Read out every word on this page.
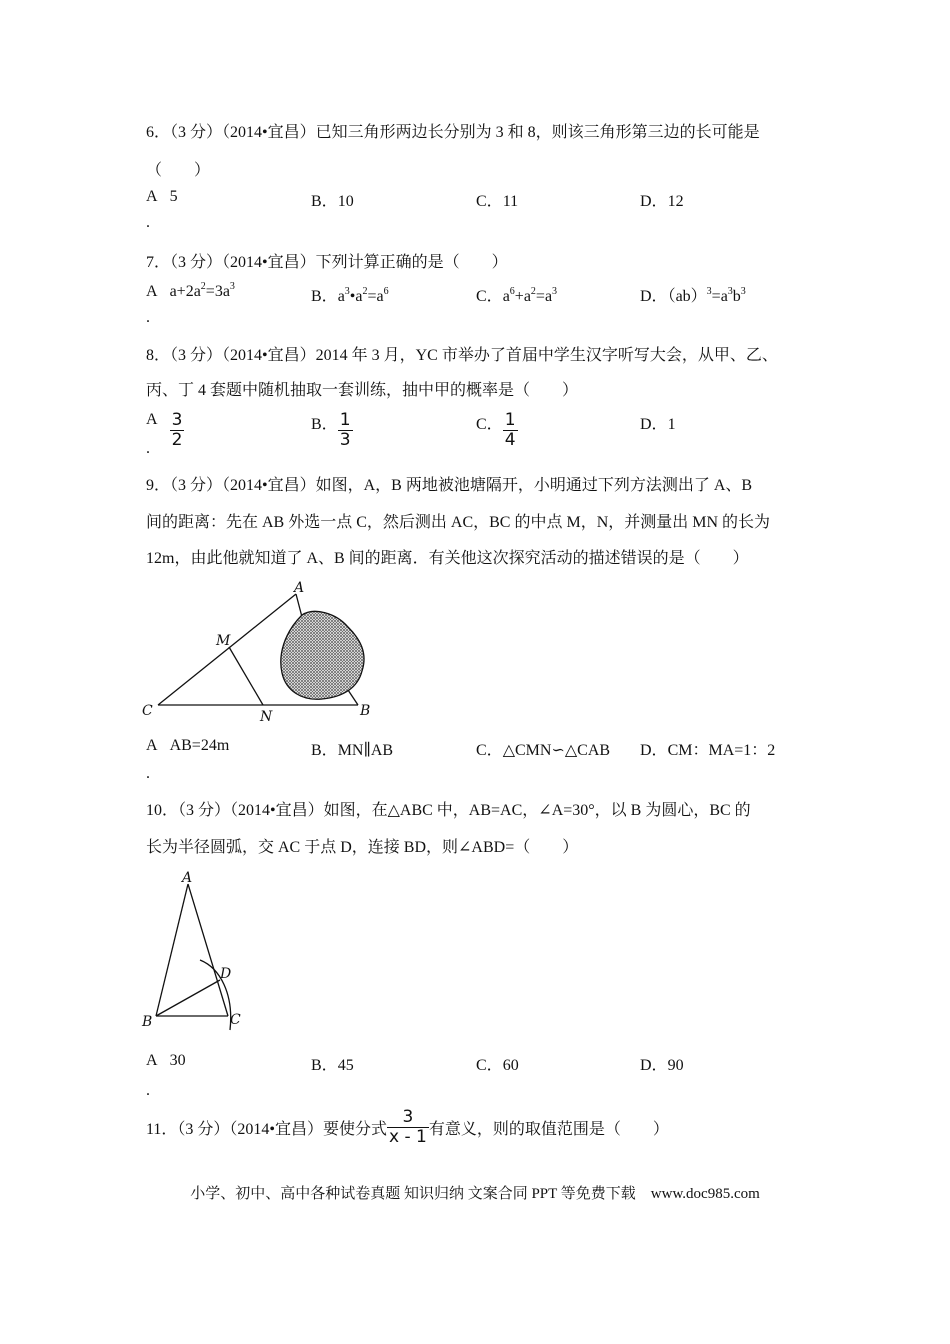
6．（3 分）（2014•宜昌）已知三角形两边长分别为 3 和 8，则该三角形第三边的长可能是
（　　）
A 5	B．10	C．11	D．12
.
7．（3 分）（2014•宜昌）下列计算正确的是（　　）
A $a+2a^2=3a^3$
B．$a^3•a^2=a^6$	C．$a^6+a^2=a^3$	D．$(ab)^3=a^3b^3$
.
8．（3 分）（2014•宜昌）2014 年 3 月，YC 市举办了首届中学生汉字听写大会，从甲、乙、
丙、丁 4 套题中随机抽取一套训练，抽中甲的概率是（　　）
A $\frac{3}{2}$	B． $\frac{1}{3}$	C． $\frac{1}{4}$	D．1
.
9．（3 分）（2014•宜昌）如图，A，B 两地被池塘隔开，小明通过下列方法测出了 A、B
间的距离：先在 AB 外选一点 C，然后测出 AC，BC 的中点 M，N，并测量出 MN 的长为
12m，由此他就知道了 A、B 间的距离．有关他这次探究活动的描述错误的是（　　）
A
M
C	N	B
A AB=24m	B．MN∥AB	C．△CMN∽△CAB D．CM：MA=1：2
.
10．（3 分）（2014•宜昌）如图，在△ABC 中，AB=AC，∠A=30°，以 B 为圆心，BC 的
长为半径圆弧，交 AC 于点 D，连接 BD，则∠ABD=（　　）
A
D
B	C
A 30	B．45	C．60	D．90
.
11．（3 分）（2014•宜昌）要使分式 $\frac{3}{x - 1}$ 有意义，则的取值范围是（　　）
小学、初中、高中各种试卷真题 知识归纳 文案合同 PPT 等免费下载　www.doc985.com
